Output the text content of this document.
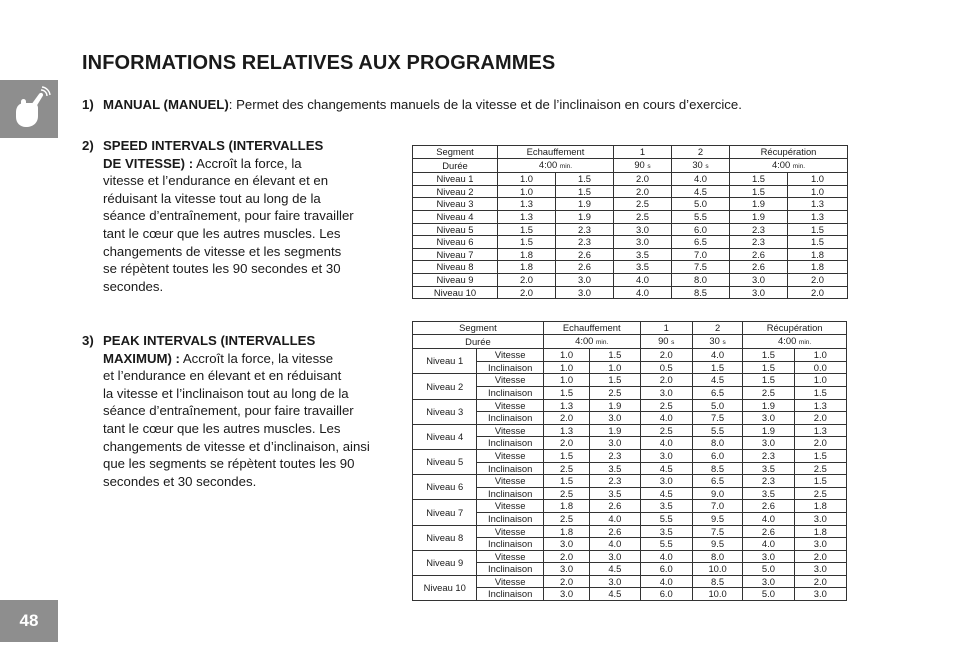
48
INFORMATIONS RELATIVES AUX PROGRAMMES
1) MANUAL (MANUEL): Permet des changements manuels de la vitesse et de l’inclinaison en cours d’exercice.
2) SPEED INTERVALS (INTERVALLES
DE VITESSE) : Accroît la force, la
vitesse et l’endurance en élevant et en
réduisant la vitesse tout au long de la
séance d’entraînement, pour faire travailler
tant le cœur que les autres muscles. Les
changements de vitesse et les segments
se répètent toutes les 90 secondes et 30
secondes.
3) PEAK INTERVALS (INTERVALLES
MAXIMUM) : Accroît la force, la vitesse
et l’endurance en élevant et en réduisant
la vitesse et l’inclinaison tout au long de la
séance d’entraînement, pour faire travailler
tant le cœur que les autres muscles. Les
changements de vitesse et d’inclinaison, ainsi
que les segments se répètent toutes les 90
secondes et 30 secondes.
Segment	Echauffement		1	2	Récupération	
Durée	4:00 min.		90 s	30 s	4:00 min.	
Niveau 1	1.0	1.5	2.0	4.0	1.5	1.0
Niveau 2	1.0	1.5	2.0	4.5	1.5	1.0
Niveau 3	1.3	1.9	2.5	5.0	1.9	1.3
Niveau 4	1.3	1.9	2.5	5.5	1.9	1.3
Niveau 5	1.5	2.3	3.0	6.0	2.3	1.5
Niveau 6	1.5	2.3	3.0	6.5	2.3	1.5
Niveau 7	1.8	2.6	3.5	7.0	2.6	1.8
Niveau 8	1.8	2.6	3.5	7.5	2.6	1.8
Niveau 9	2.0	3.0	4.0	8.0	3.0	2.0
Niveau 10	2.0	3.0	4.0	8.5	3.0	2.0
Segment		Echauffement		1	2	Récupération	
Durée		4:00 min.		90 s	30 s	4:00 min.	
Niveau 1	Vitesse	1.0	1.5	2.0	4.0	1.5	1.0
	Inclinaison	1.0	1.0	0.5	1.5	1.5	0.0
Niveau 2	Vitesse	1.0	1.5	2.0	4.5	1.5	1.0
	Inclinaison	1.5	2.5	3.0	6.5	2.5	1.5
Niveau 3	Vitesse	1.3	1.9	2.5	5.0	1.9	1.3
	Inclinaison	2.0	3.0	4.0	7.5	3.0	2.0
Niveau 4	Vitesse	1.3	1.9	2.5	5.5	1.9	1.3
	Inclinaison	2.0	3.0	4.0	8.0	3.0	2.0
Niveau 5	Vitesse	1.5	2.3	3.0	6.0	2.3	1.5
	Inclinaison	2.5	3.5	4.5	8.5	3.5	2.5
Niveau 6	Vitesse	1.5	2.3	3.0	6.5	2.3	1.5
	Inclinaison	2.5	3.5	4.5	9.0	3.5	2.5
Niveau 7	Vitesse	1.8	2.6	3.5	7.0	2.6	1.8
	Inclinaison	2.5	4.0	5.5	9.5	4.0	3.0
Niveau 8	Vitesse	1.8	2.6	3.5	7.5	2.6	1.8
	Inclinaison	3.0	4.0	5.5	9.5	4.0	3.0
Niveau 9	Vitesse	2.0	3.0	4.0	8.0	3.0	2.0
	Inclinaison	3.0	4.5	6.0	10.0	5.0	3.0
Niveau 10	Vitesse	2.0	3.0	4.0	8.5	3.0	2.0
	Inclinaison	3.0	4.5	6.0	10.0	5.0	3.0
